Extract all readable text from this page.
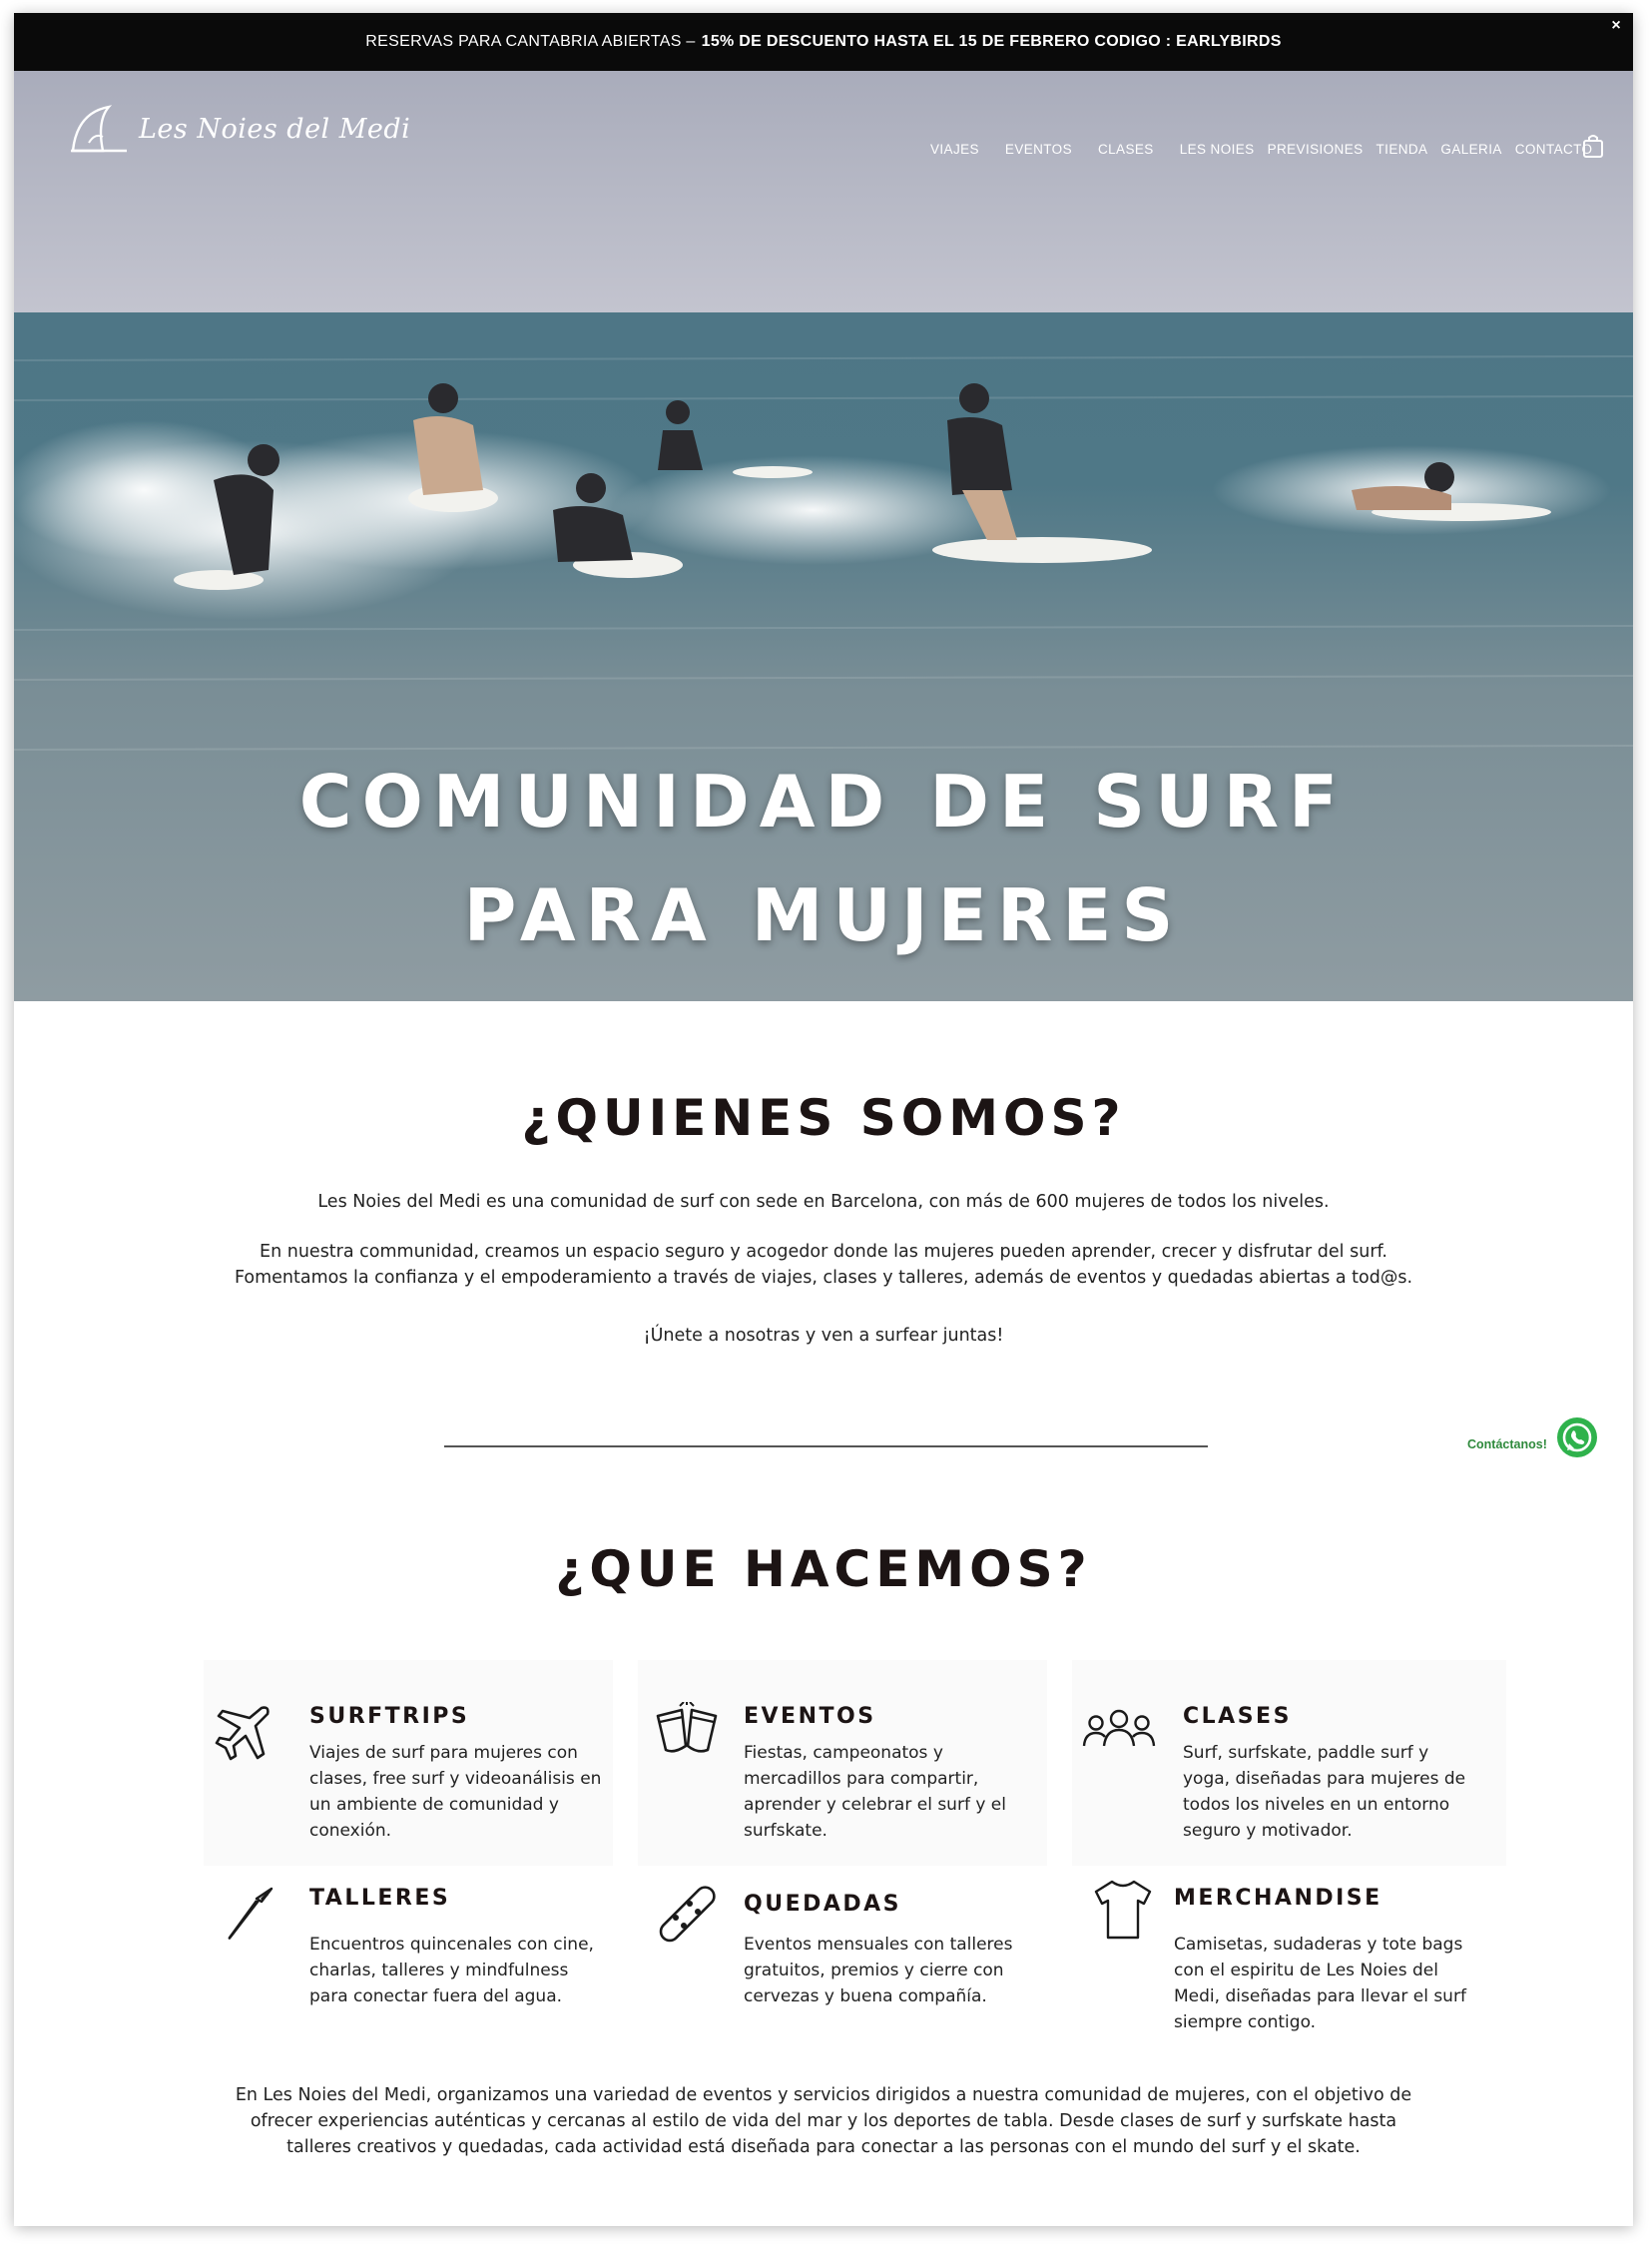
RESERVAS PARA CANTABRIA ABIERTAS – 15% DE DESCUENTO HASTA EL 15 DE FEBRERO CODIGO : EARLYBIRDS
×
Les Noies del Medi
VIAJES EVENTOS CLASES LES NOIES PREVISIONES TIENDA GALERIA CONTACTO
COMUNIDAD DE SURF
PARA MUJERES
¿QUIENES SOMOS?

Les Noies del Medi es una comunidad de surf con sede en Barcelona, con más de 600 mujeres de todos los niveles.

En nuestra communidad, creamos un espacio seguro y acogedor donde las mujeres pueden aprender, crecer y disfrutar del surf.

Fomentamos la confianza y el empoderamiento a través de viajes, clases y talleres, además de eventos y quedadas abiertas a tod@s.

¡Únete a nosotras y ven a surfear juntas!

Contáctanos!
¿QUE HACEMOS?
SURFTRIPS
Viajes de surf para mujeres con
clases, free surf y videoanálisis en
un ambiente de comunidad y
conexión.
EVENTOS
Fiestas, campeonatos y
mercadillos para compartir,
aprender y celebrar el surf y el
surfskate.
CLASES
Surf, surfskate, paddle surf y
yoga, diseñadas para mujeres de
todos los niveles en un entorno
seguro y motivador.
TALLERES
Encuentros quincenales con cine,
charlas, talleres y mindfulness
para conectar fuera del agua.
QUEDADAS
Eventos mensuales con talleres
gratuitos, premios y cierre con
cervezas y buena compañía.
MERCHANDISE
Camisetas, sudaderas y tote bags
con el espiritu de Les Noies del
Medi, diseñadas para llevar el surf
siempre contigo.
En Les Noies del Medi, organizamos una variedad de eventos y servicios dirigidos a nuestra comunidad de mujeres, con el objetivo de
ofrecer experiencias auténticas y cercanas al estilo de vida del mar y los deportes de tabla. Desde clases de surf y surfskate hasta
talleres creativos y quedadas, cada actividad está diseñada para conectar a las personas con el mundo del surf y el skate.
